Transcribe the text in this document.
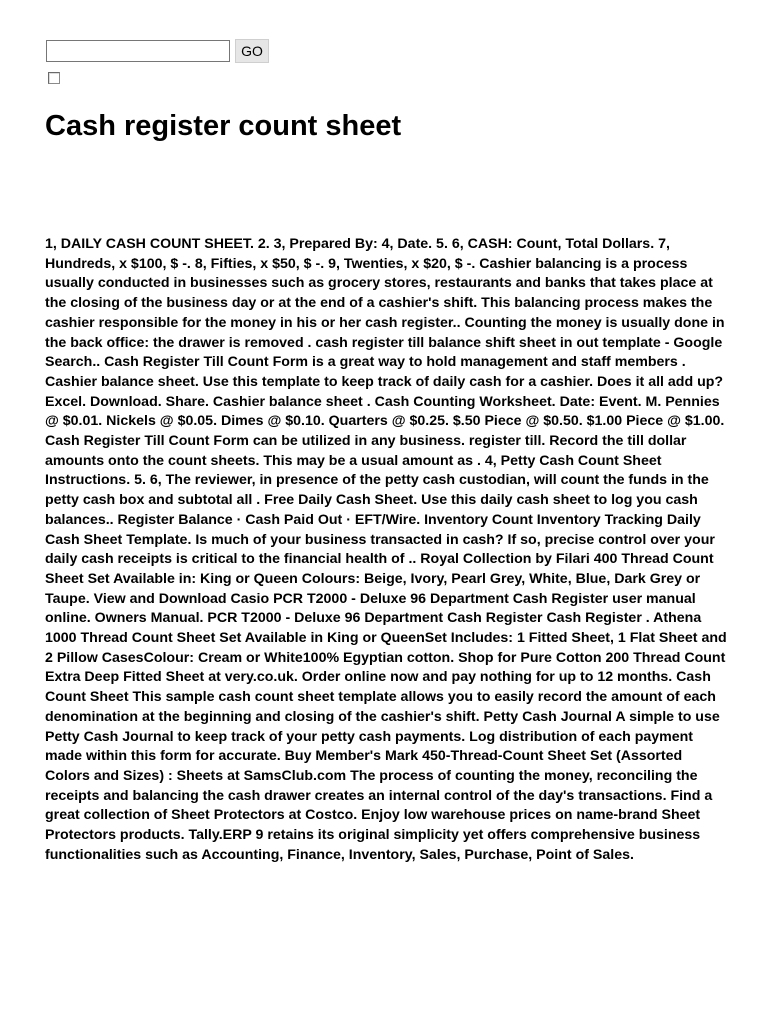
GO
Cash register count sheet

1, DAILY CASH COUNT SHEET. 2. 3, Prepared By: 4, Date. 5. 6, CASH: Count, Total Dollars. 7, Hundreds, x $100, $ -. 8, Fifties, x $50, $ -. 9, Twenties, x $20, $ -. Cashier balancing is a process usually conducted in businesses such as grocery stores, restaurants and banks that takes place at the closing of the business day or at the end of a cashier's shift. This balancing process makes the cashier responsible for the money in his or her cash register.. Counting the money is usually done in the back office: the drawer is removed . cash register till balance shift sheet in out template - Google Search.. Cash Register Till Count Form is a great way to hold management and staff members . Cashier balance sheet. Use this template to keep track of daily cash for a cashier. Does it all add up? Excel. Download. Share. Cashier balance sheet . Cash Counting Worksheet. Date: Event. M. Pennies @ $0.01. Nickels @ $0.05. Dimes @ $0.10. Quarters @ $0.25. $.50 Piece @ $0.50. $1.00 Piece @ $1.00. Cash Register Till Count Form can be utilized in any business. register till. Record the till dollar amounts onto the count sheets. This may be a usual amount as . 4, Petty Cash Count Sheet Instructions. 5. 6, The reviewer, in presence of the petty cash custodian, will count the funds in the petty cash box and subtotal all . Free Daily Cash Sheet. Use this daily cash sheet to log you cash balances.. Register Balance · Cash Paid Out · EFT/Wire. Inventory Count Inventory Tracking Daily Cash Sheet Template. Is much of your business transacted in cash? If so, precise control over your daily cash receipts is critical to the financial health of .. Royal Collection by Filari 400 Thread Count Sheet Set Available in: King or Queen Colours: Beige, Ivory, Pearl Grey, White, Blue, Dark Grey or Taupe. View and Download Casio PCR T2000 - Deluxe 96 Department Cash Register user manual online. Owners Manual. PCR T2000 - Deluxe 96 Department Cash Register Cash Register . Athena 1000 Thread Count Sheet Set Available in King or QueenSet Includes: 1 Fitted Sheet, 1 Flat Sheet and 2 Pillow CasesColour: Cream or White100% Egyptian cotton. Shop for Pure Cotton 200 Thread Count Extra Deep Fitted Sheet at very.co.uk. Order online now and pay nothing for up to 12 months. Cash Count Sheet This sample cash count sheet template allows you to easily record the amount of each denomination at the beginning and closing of the cashier's shift. Petty Cash Journal A simple to use Petty Cash Journal to keep track of your petty cash payments. Log distribution of each payment made within this form for accurate. Buy Member's Mark 450-Thread-Count Sheet Set (Assorted Colors and Sizes) : Sheets at SamsClub.com The process of counting the money, reconciling the receipts and balancing the cash drawer creates an internal control of the day's transactions. Find a great collection of Sheet Protectors at Costco. Enjoy low warehouse prices on name-brand Sheet Protectors products. Tally.ERP 9 retains its original simplicity yet offers comprehensive business functionalities such as Accounting, Finance, Inventory, Sales, Purchase, Point of Sales.
